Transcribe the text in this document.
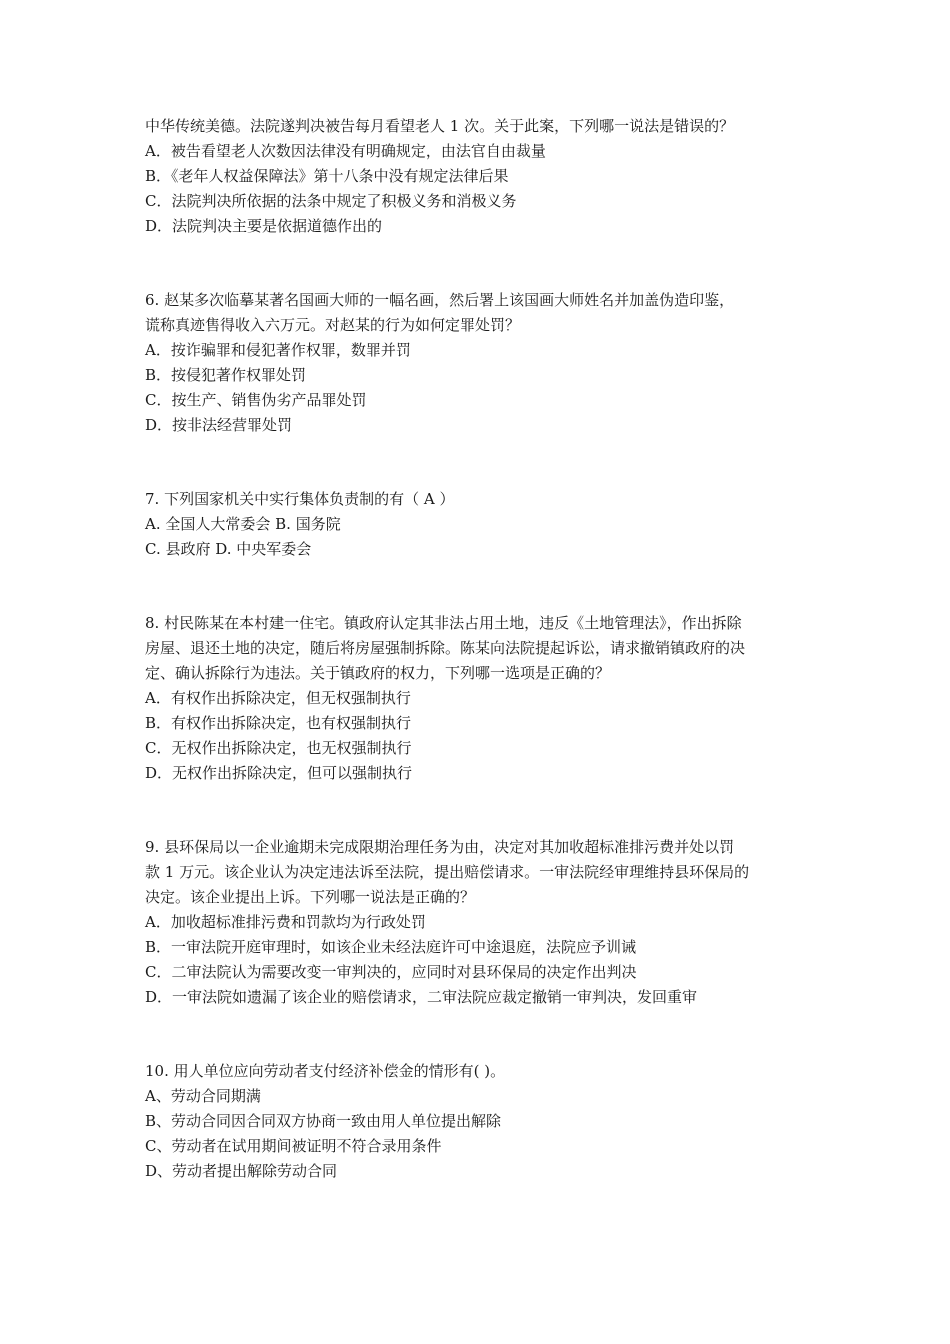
中华传统美德。法院遂判决被告每月看望老人 1 次。关于此案，下列哪一说法是错误的？
A．被告看望老人次数因法律没有明确规定，由法官自由裁量
B．《老年人权益保障法》第十八条中没有规定法律后果
C．法院判决所依据的法条中规定了积极义务和消极义务
D．法院判决主要是依据道德作出的
6. 赵某多次临摹某著名国画大师的一幅名画，然后署上该国画大师姓名并加盖伪造印鉴，
谎称真迹售得收入六万元。对赵某的行为如何定罪处罚？
A．按诈骗罪和侵犯著作权罪，数罪并罚
B．按侵犯著作权罪处罚
C．按生产、销售伪劣产品罪处罚
D．按非法经营罪处罚
7. 下列国家机关中实行集体负责制的有（ A ）
A. 全国人大常委会 B. 国务院
C. 县政府 D. 中央军委会
8. 村民陈某在本村建一住宅。镇政府认定其非法占用土地，违反《土地管理法》，作出拆除
房屋、退还土地的决定，随后将房屋强制拆除。陈某向法院提起诉讼，请求撤销镇政府的决
定、确认拆除行为违法。关于镇政府的权力，下列哪一选项是正确的？
A．有权作出拆除决定，但无权强制执行
B．有权作出拆除决定，也有权强制执行
C．无权作出拆除决定，也无权强制执行
D．无权作出拆除决定，但可以强制执行
9. 县环保局以一企业逾期未完成限期治理任务为由，决定对其加收超标准排污费并处以罚
款 1 万元。该企业认为决定违法诉至法院，提出赔偿请求。一审法院经审理维持县环保局的
决定。该企业提出上诉。下列哪一说法是正确的？
A．加收超标准排污费和罚款均为行政处罚
B．一审法院开庭审理时，如该企业未经法庭许可中途退庭，法院应予训诫
C．二审法院认为需要改变一审判决的，应同时对县环保局的决定作出判决
D．一审法院如遗漏了该企业的赔偿请求，二审法院应裁定撤销一审判决，发回重审
10. 用人单位应向劳动者支付经济补偿金的情形有( )。
A、劳动合同期满
B、劳动合同因合同双方协商一致由用人单位提出解除
C、劳动者在试用期间被证明不符合录用条件
D、劳动者提出解除劳动合同
